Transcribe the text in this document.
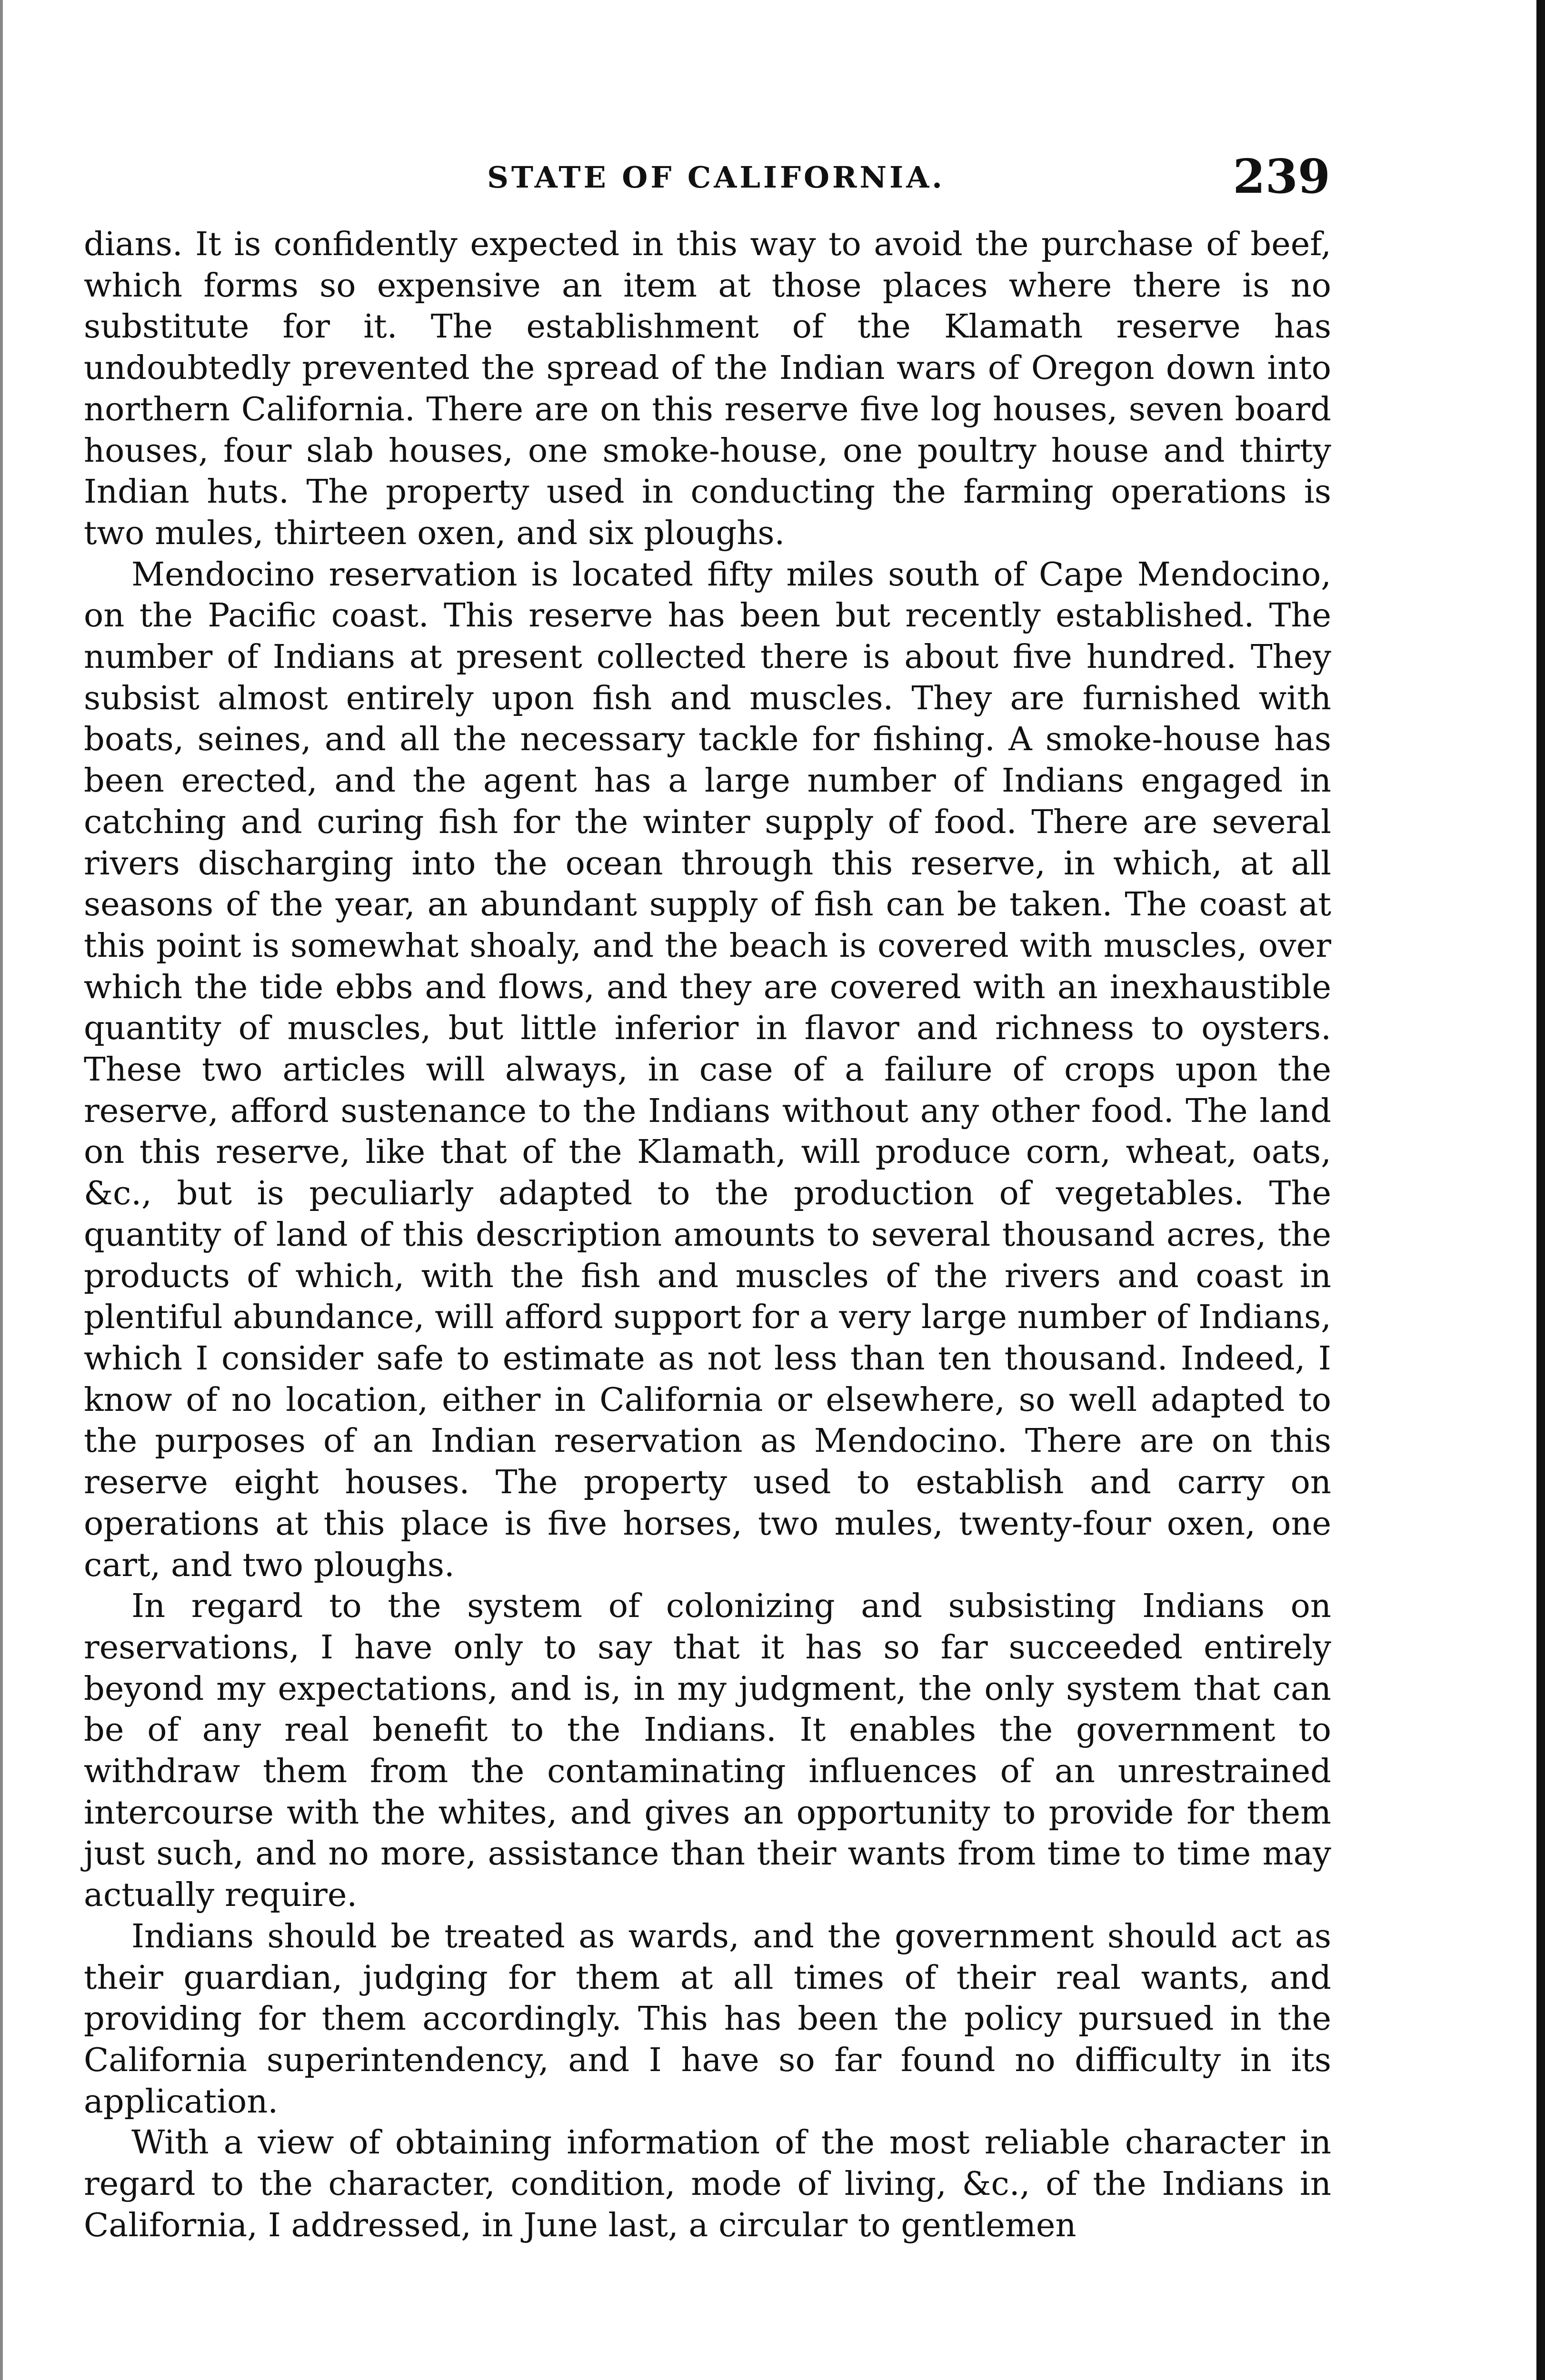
STATE OF CALIFORNIA.	239

dians. It is confidently expected in this way to avoid the purchase of beef, which forms so expensive an item at those places where there is no substitute for it. The establishment of the Klamath reserve has undoubtedly prevented the spread of the Indian wars of Oregon down into northern California. There are on this reserve five log houses, seven board houses, four slab houses, one smoke-house, one poultry house and thirty Indian huts. The property used in conducting the farming operations is two mules, thirteen oxen, and six ploughs.

Mendocino reservation is located fifty miles south of Cape Mendocino, on the Pacific coast. This reserve has been but recently established. The number of Indians at present collected there is about five hundred. They subsist almost entirely upon fish and muscles. They are furnished with boats, seines, and all the necessary tackle for fishing. A smoke-house has been erected, and the agent has a large number of Indians engaged in catching and curing fish for the winter supply of food. There are several rivers discharging into the ocean through this reserve, in which, at all seasons of the year, an abundant supply of fish can be taken. The coast at this point is somewhat shoaly, and the beach is covered with muscles, over which the tide ebbs and flows, and they are covered with an inexhaustible quantity of muscles, but little inferior in flavor and richness to oysters. These two articles will always, in case of a failure of crops upon the reserve, afford sustenance to the Indians without any other food. The land on this reserve, like that of the Klamath, will produce corn, wheat, oats, &c., but is peculiarly adapted to the production of vegetables. The quantity of land of this description amounts to several thousand acres, the products of which, with the fish and muscles of the rivers and coast in plentiful abundance, will afford support for a very large number of Indians, which I consider safe to estimate as not less than ten thousand. Indeed, I know of no location, either in California or elsewhere, so well adapted to the purposes of an Indian reservation as Mendocino. There are on this reserve eight houses. The property used to establish and carry on operations at this place is five horses, two mules, twenty-four oxen, one cart, and two ploughs.

In regard to the system of colonizing and subsisting Indians on reservations, I have only to say that it has so far succeeded entirely beyond my expectations, and is, in my judgment, the only system that can be of any real benefit to the Indians. It enables the government to withdraw them from the contaminating influences of an unrestrained intercourse with the whites, and gives an opportunity to provide for them just such, and no more, assistance than their wants from time to time may actually require.

Indians should be treated as wards, and the government should act as their guardian, judging for them at all times of their real wants, and providing for them accordingly. This has been the policy pursued in the California superintendency, and I have so far found no difficulty in its application.

With a view of obtaining information of the most reliable character in regard to the character, condition, mode of living, &c., of the Indians in California, I addressed, in June last, a circular to gentlemen
